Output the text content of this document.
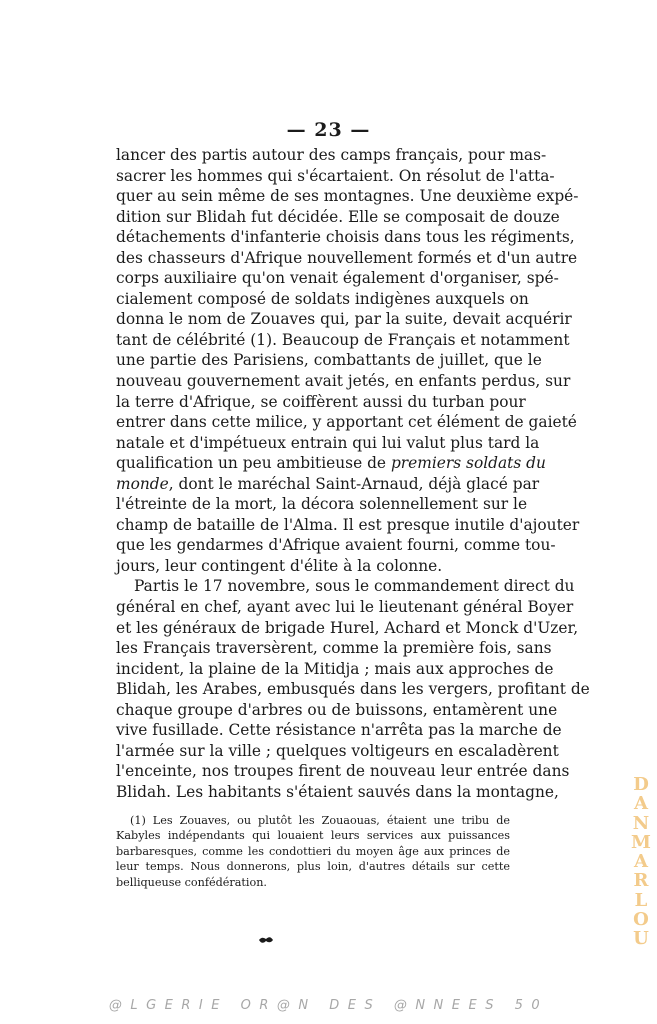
— 23 —
lancer des partis autour des camps français, pour mas-
sacrer les hommes qui s'écartaient. On résolut de l'atta-
quer au sein même de ses montagnes. Une deuxième expé-
dition sur Blidah fut décidée. Elle se composait de douze
détachements d'infanterie choisis dans tous les régiments,
des chasseurs d'Afrique nouvellement formés et d'un autre
corps auxiliaire qu'on venait également d'organiser, spé-
cialement composé de soldats indigènes auxquels on
donna le nom de Zouaves qui, par la suite, devait acquérir
tant de célébrité (1). Beaucoup de Français et notamment
une partie des Parisiens, combattants de juillet, que le
nouveau gouvernement avait jetés, en enfants perdus, sur
la terre d'Afrique, se coiffèrent aussi du turban pour
entrer dans cette milice, y apportant cet élément de gaieté
natale et d'impétueux entrain qui lui valut plus tard la
qualification un peu ambitieuse de premiers soldats du
monde, dont le maréchal Saint-Arnaud, déjà glacé par
l'étreinte de la mort, la décora solennellement sur le
champ de bataille de l'Alma. Il est presque inutile d'ajouter
que les gendarmes d'Afrique avaient fourni, comme tou-
jours, leur contingent d'élite à la colonne.
Partis le 17 novembre, sous le commandement direct du
général en chef, ayant avec lui le lieutenant général Boyer
et les généraux de brigade Hurel, Achard et Monck d'Uzer,
les Français traversèrent, comme la première fois, sans
incident, la plaine de la Mitidja ; mais aux approches de
Blidah, les Arabes, embusqués dans les vergers, profitant de
chaque groupe d'arbres ou de buissons, entamèrent une
vive fusillade. Cette résistance n'arrêta pas la marche de
l'armée sur la ville ; quelques voltigeurs en escaladèrent
l'enceinte, nos troupes firent de nouveau leur entrée dans
Blidah. Les habitants s'étaient sauvés dans la montagne,
(1) Les Zouaves, ou plutôt les Zouaouas, étaient une tribu de
Kabyles indépendants qui louaient leurs services aux puissances
barbaresques, comme les condottieri du moyen âge aux princes de
leur temps. Nous donnerons, plus loin, d'autres détails sur cette
belliqueuse confédération.
D
A
N
M
A
R
L
O
U
@LGERIE OR@N DES @NNEES 50
